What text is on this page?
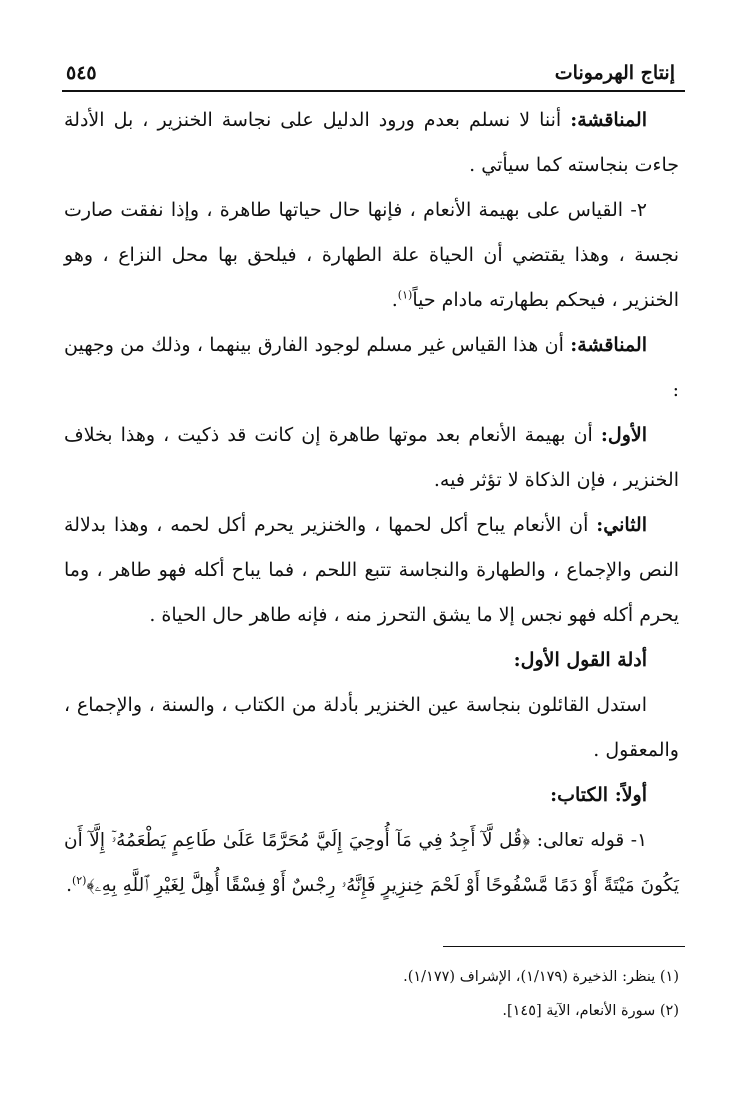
إنتاج الهرمونات
٥٤٥

المناقشة: أننا لا نسلم بعدم ورود الدليل على نجاسة الخنزير ، بل الأدلة جاءت بنجاسته كما سيأتي .

٢- القياس على بهيمة الأنعام ، فإنها حال حياتها طاهرة ، وإذا نفقت صارت نجسة ، وهذا يقتضي أن الحياة علة الطهارة ، فيلحق بها محل النزاع ، وهو الخنزير ، فيحكم بطهارته مادام حياً$^{(١)}$.

المناقشة: أن هذا القياس غير مسلم لوجود الفارق بينهما ، وذلك من وجهين :

الأول: أن بهيمة الأنعام بعد موتها طاهرة إن كانت قد ذكيت ، وهذا بخلاف الخنزير ، فإن الذكاة لا تؤثر فيه.

الثاني: أن الأنعام يباح أكل لحمها ، والخنزير يحرم أكل لحمه ، وهذا بدلالة النص والإجماع ، والطهارة والنجاسة تتبع اللحم ، فما يباح أكله فهو طاهر ، وما يحرم أكله فهو نجس إلا ما يشق التحرز منه ، فإنه طاهر حال الحياة .

أدلة القول الأول:

استدل القائلون بنجاسة عين الخنزير بأدلة من الكتاب ، والسنة ، والإجماع ، والمعقول .

أولاً: الكتاب:

١- قوله تعالى: ﴿قُل لَّآ أَجِدُ فِي مَآ أُوحِيَ إِلَيَّ مُحَرَّمًا عَلَىٰ طَاعِمٍ يَطْعَمُهُۥٓ إِلَّآ أَن يَكُونَ مَيْتَةً أَوْ دَمًا مَّسْفُوحًا أَوْ لَحْمَ خِنزِيرٍ فَإِنَّهُۥ رِجْسٌ أَوْ فِسْقًا أُهِلَّ لِغَيْرِ ٱللَّهِ بِهِۦ﴾$^{(٢)}$.

(١) ينظر: الذخيرة (١/١٧٩)، الإشراف (١/١٧٧).

(٢) سورة الأنعام، الآية [١٤٥].
